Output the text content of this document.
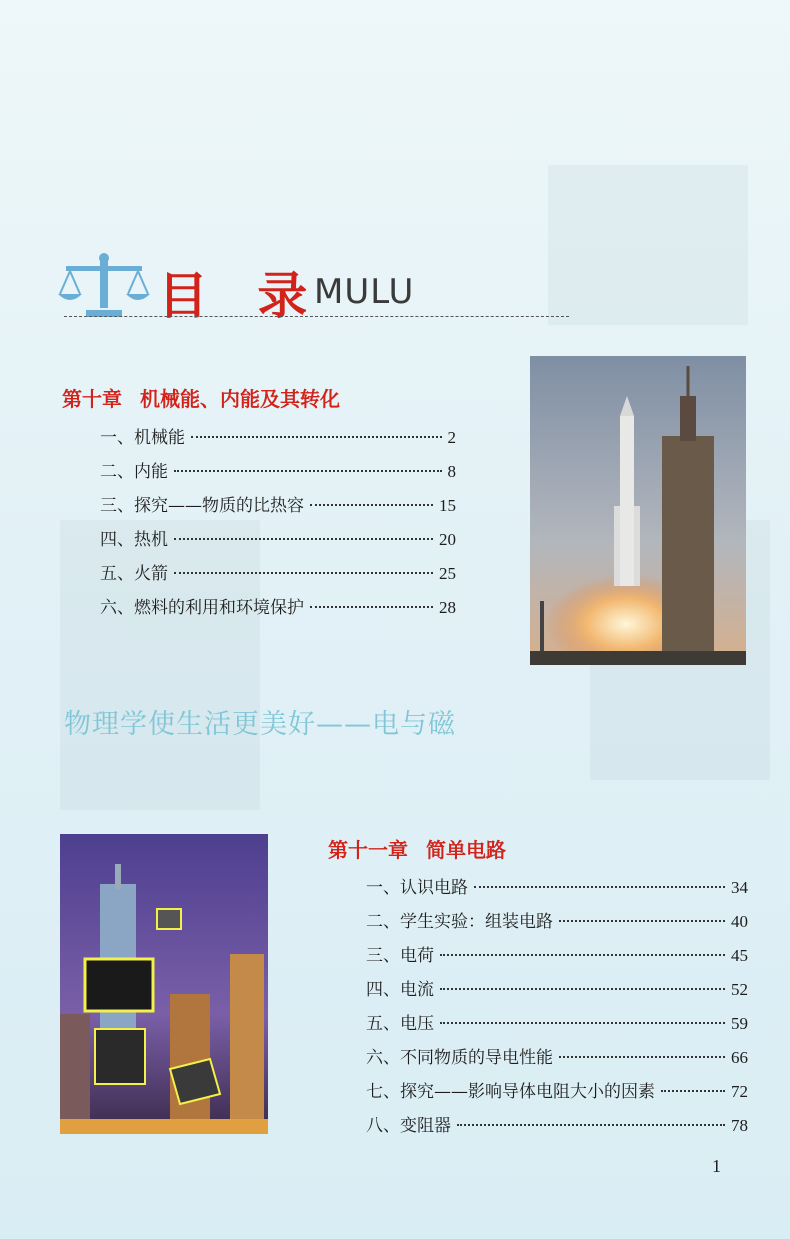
目 录
MULU
第十章 机械能、内能及其转化
一、机械能	2
二、内能	8
三、探究——物质的比热容	15
四、热机	20
五、火箭	25
六、燃料的利用和环境保护	28
物理学使生活更美好——电与磁
第十一章 简单电路
一、认识电路	34
二、学生实验：组装电路	40
三、电荷	45
四、电流	52
五、电压	59
六、不同物质的导电性能	66
七、探究——影响导体电阻大小的因素	72
八、变阻器	78
1
